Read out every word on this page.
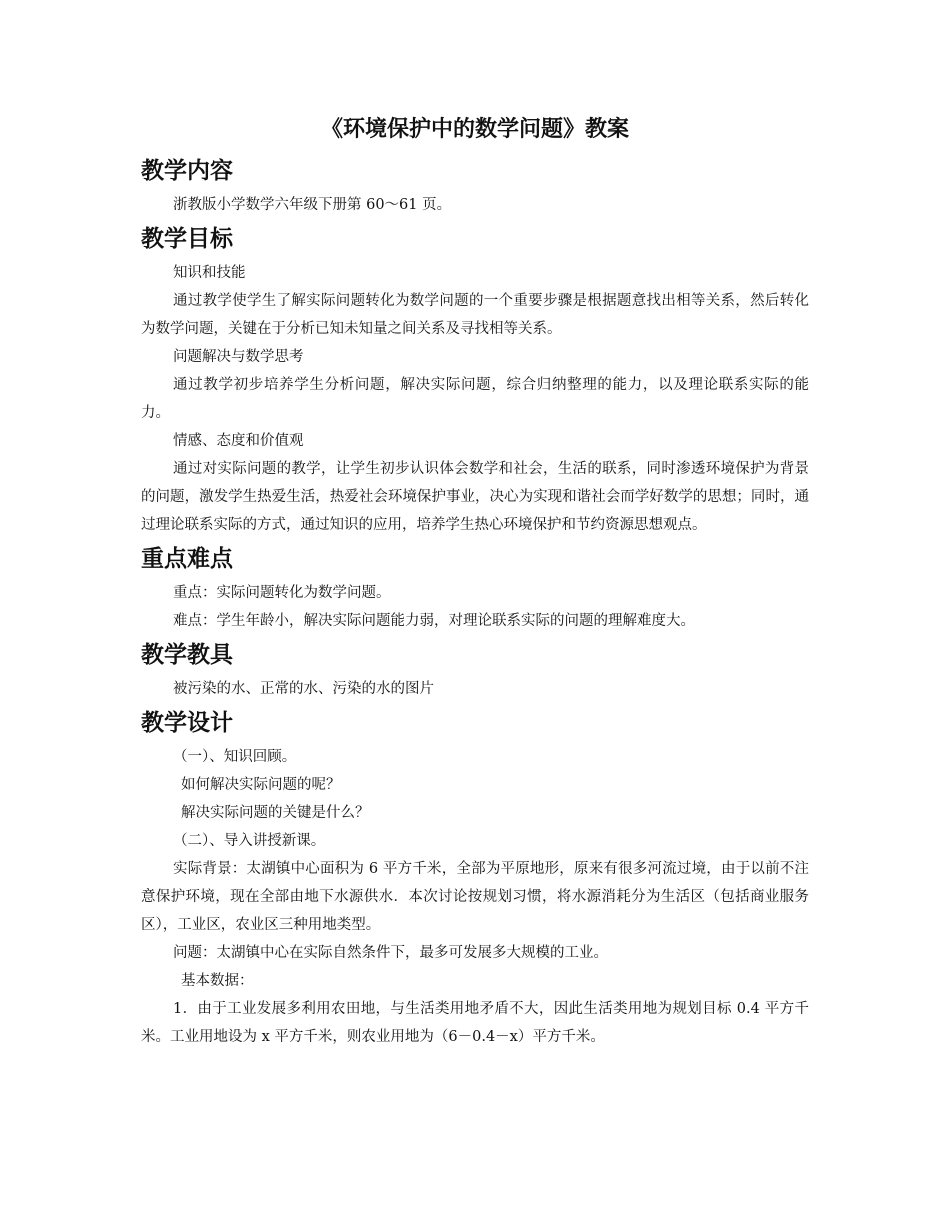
《环境保护中的数学问题》教案
教学内容
浙教版小学数学六年级下册第 60～61 页。
教学目标
知识和技能
通过教学使学生了解实际问题转化为数学问题的一个重要步骤是根据题意找出相等关系，然后转化为数学问题，关键在于分析已知未知量之间关系及寻找相等关系。
问题解决与数学思考
通过教学初步培养学生分析问题，解决实际问题，综合归纳整理的能力，以及理论联系实际的能力。
情感、态度和价值观
通过对实际问题的教学，让学生初步认识体会数学和社会，生活的联系，同时渗透环境保护为背景的问题，激发学生热爱生活，热爱社会环境保护事业，决心为实现和谐社会而学好数学的思想；同时，通过理论联系实际的方式，通过知识的应用，培养学生热心环境保护和节约资源思想观点。
重点难点
重点：实际问题转化为数学问题。
难点：学生年龄小，解决实际问题能力弱，对理论联系实际的问题的理解难度大。
教学教具
被污染的水、正常的水、污染的水的图片
教学设计
（一）、知识回顾。
如何解决实际问题的呢？
解决实际问题的关键是什么？
（二）、导入讲授新课。
实际背景：太湖镇中心面积为 6 平方千米，全部为平原地形，原来有很多河流过境，由于以前不注意保护环境，现在全部由地下水源供水．本次讨论按规划习惯，将水源消耗分为生活区（包括商业服务区），工业区，农业区三种用地类型。
问题：太湖镇中心在实际自然条件下，最多可发展多大规模的工业。
基本数据：
1．由于工业发展多利用农田地，与生活类用地矛盾不大，因此生活类用地为规划目标 0.4 平方千米。工业用地设为 x 平方千米，则农业用地为（6－0.4－x）平方千米。
